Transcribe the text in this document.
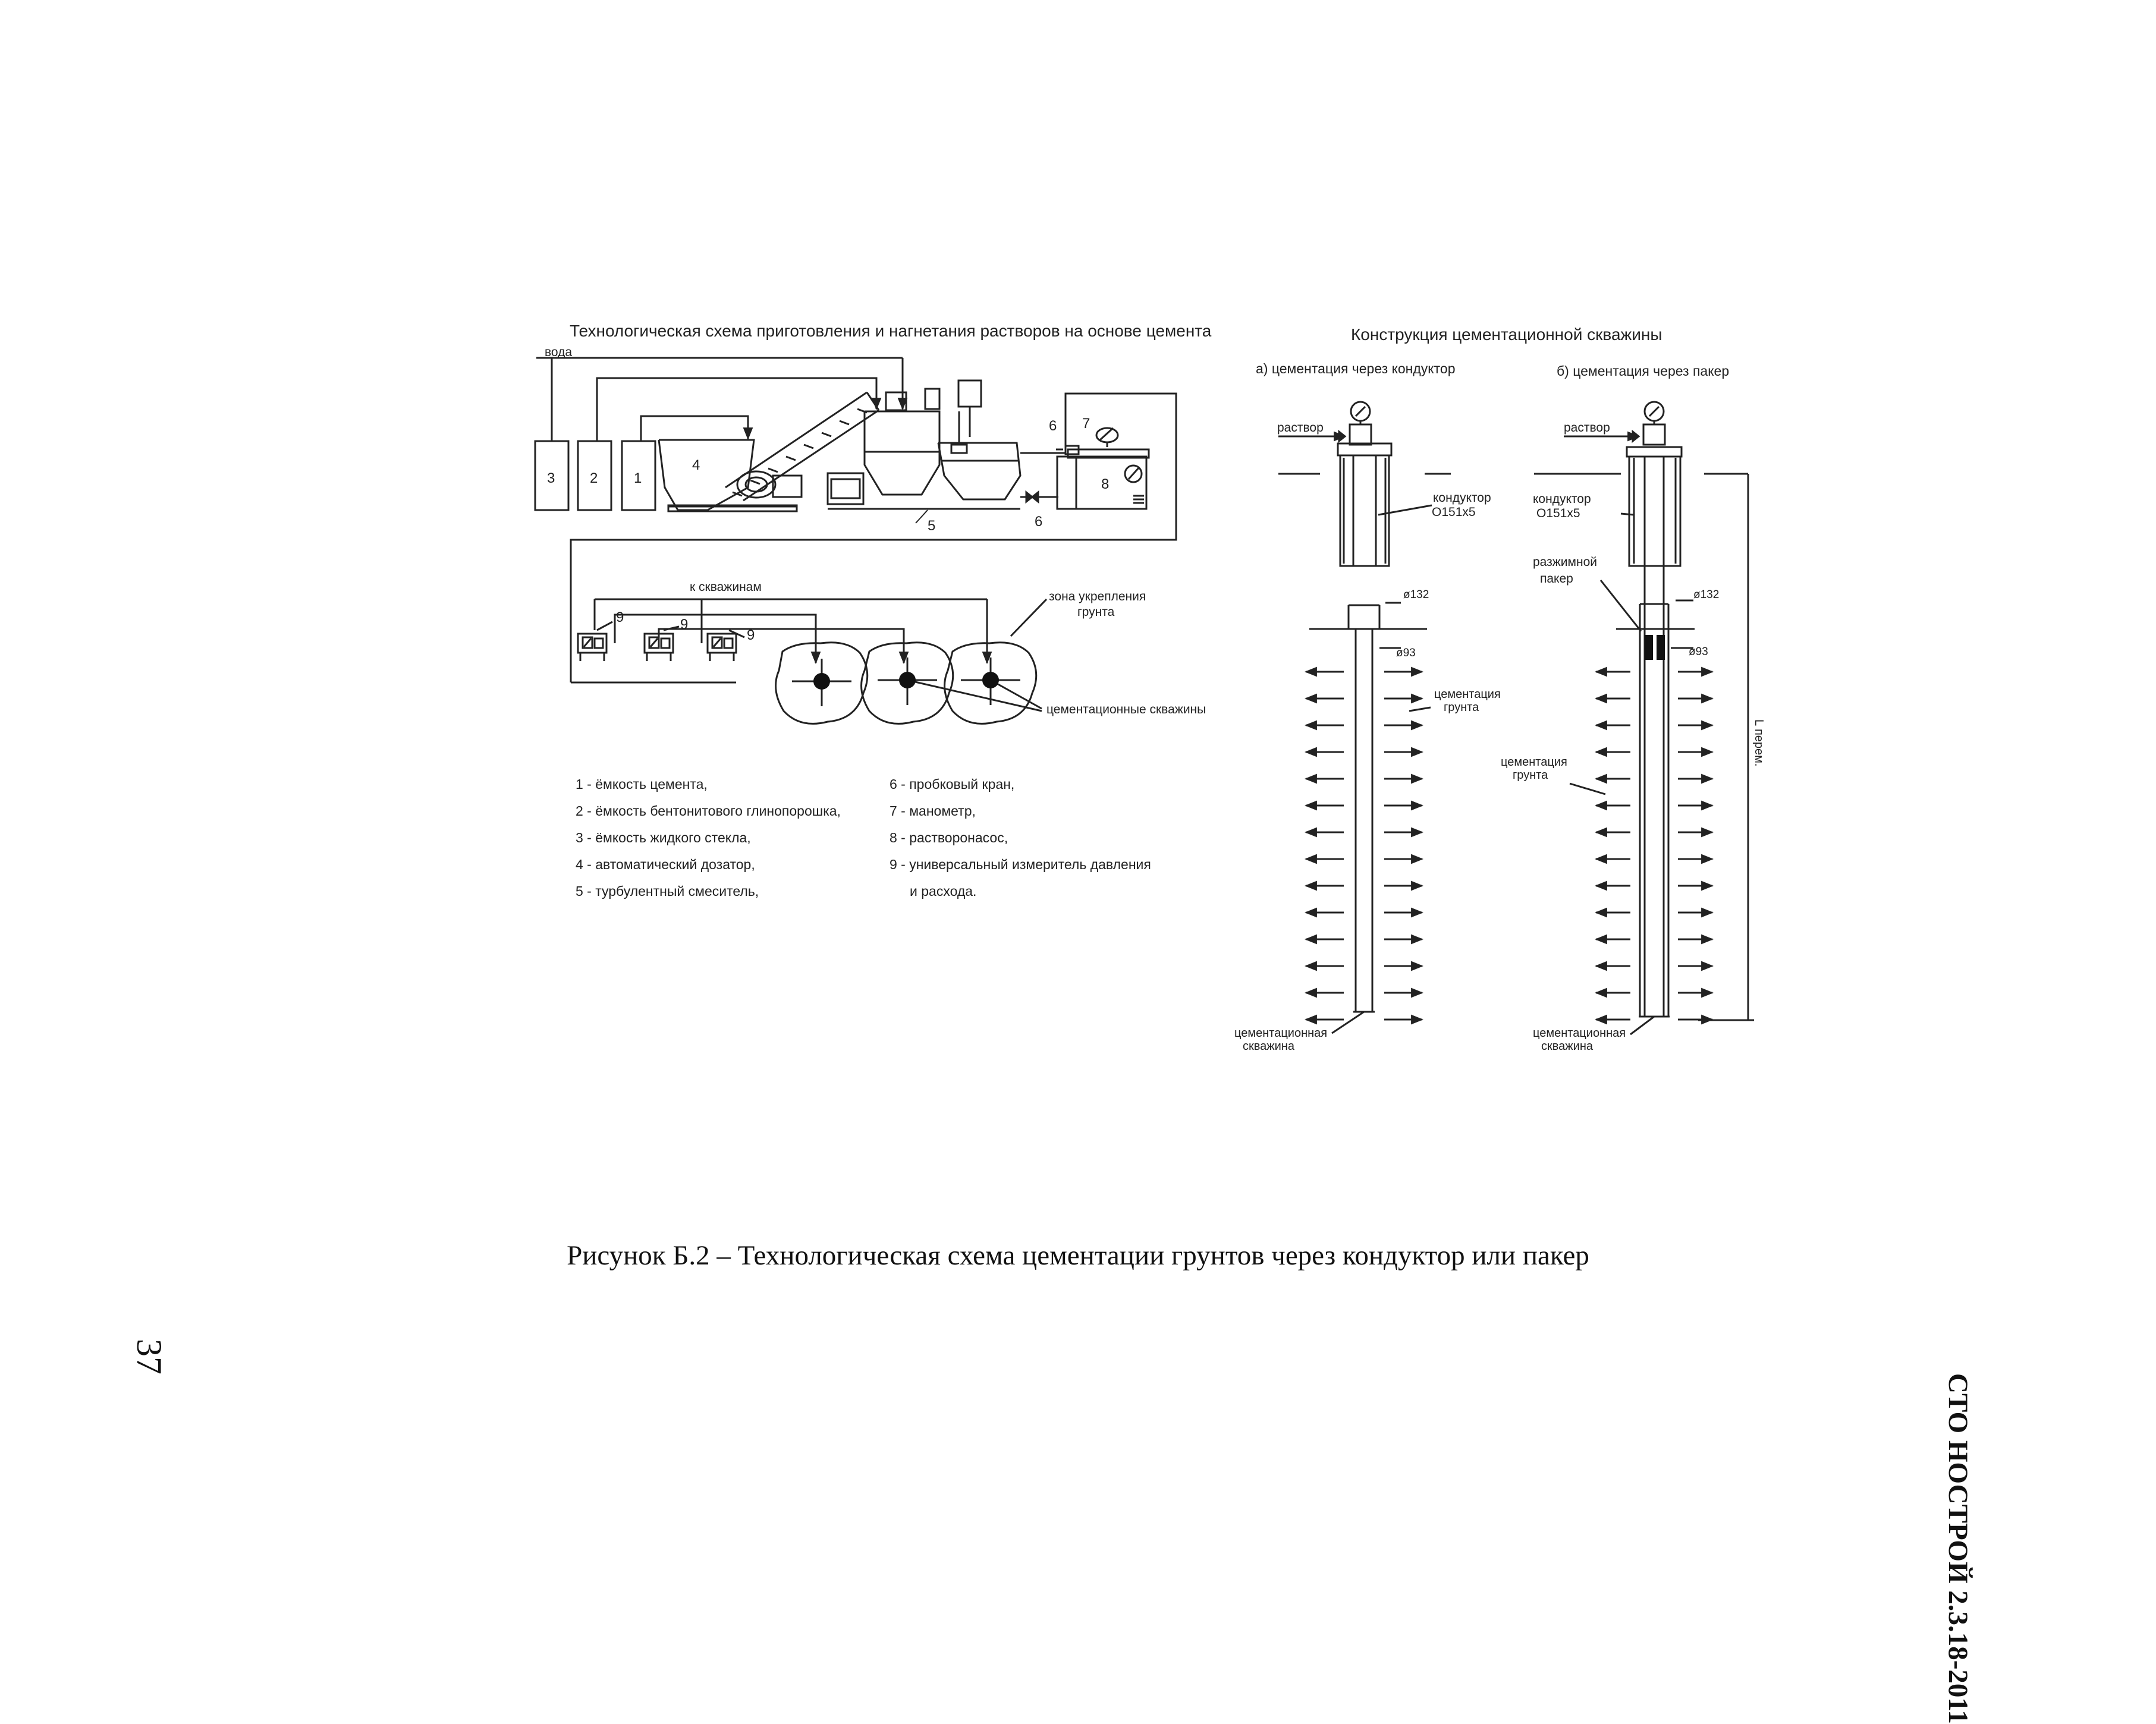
Технологическая схема приготовления и нагнетания растворов на основе цемента
вода
3 2	1
4
5
6
6
7
8
к скважинам
9	9
9
зона укрепления
грунта
цементационные скважины
1 - ёмкость цемента,
2 - ёмкость бентонитового глинопорошка,
3 - ёмкость жидкого стекла,
4 - автоматический дозатор,
5 - турбулентный смеситель,
6 - пробковый кран,
7 - манометр,
8 - растворонасос,
9 - универсальный измеритель давления
и расхода.
Конструкция цементационной скважины
а) цементация через кондуктор	б) цементация через пакер
раствор
кондуктор
O151х5
ø132
ø93
цементация
грунта
цементационная
скважина
раствор
кондуктор
O151х5
разжимной
пакер
ø132
ø93
цементация
грунта
L перем.
цементационная
скважина
Рисунок Б.2 – Технологическая схема цементации грунтов через кондуктор или пакер
СТО НОСТРОЙ 2.3.18-2011
37
